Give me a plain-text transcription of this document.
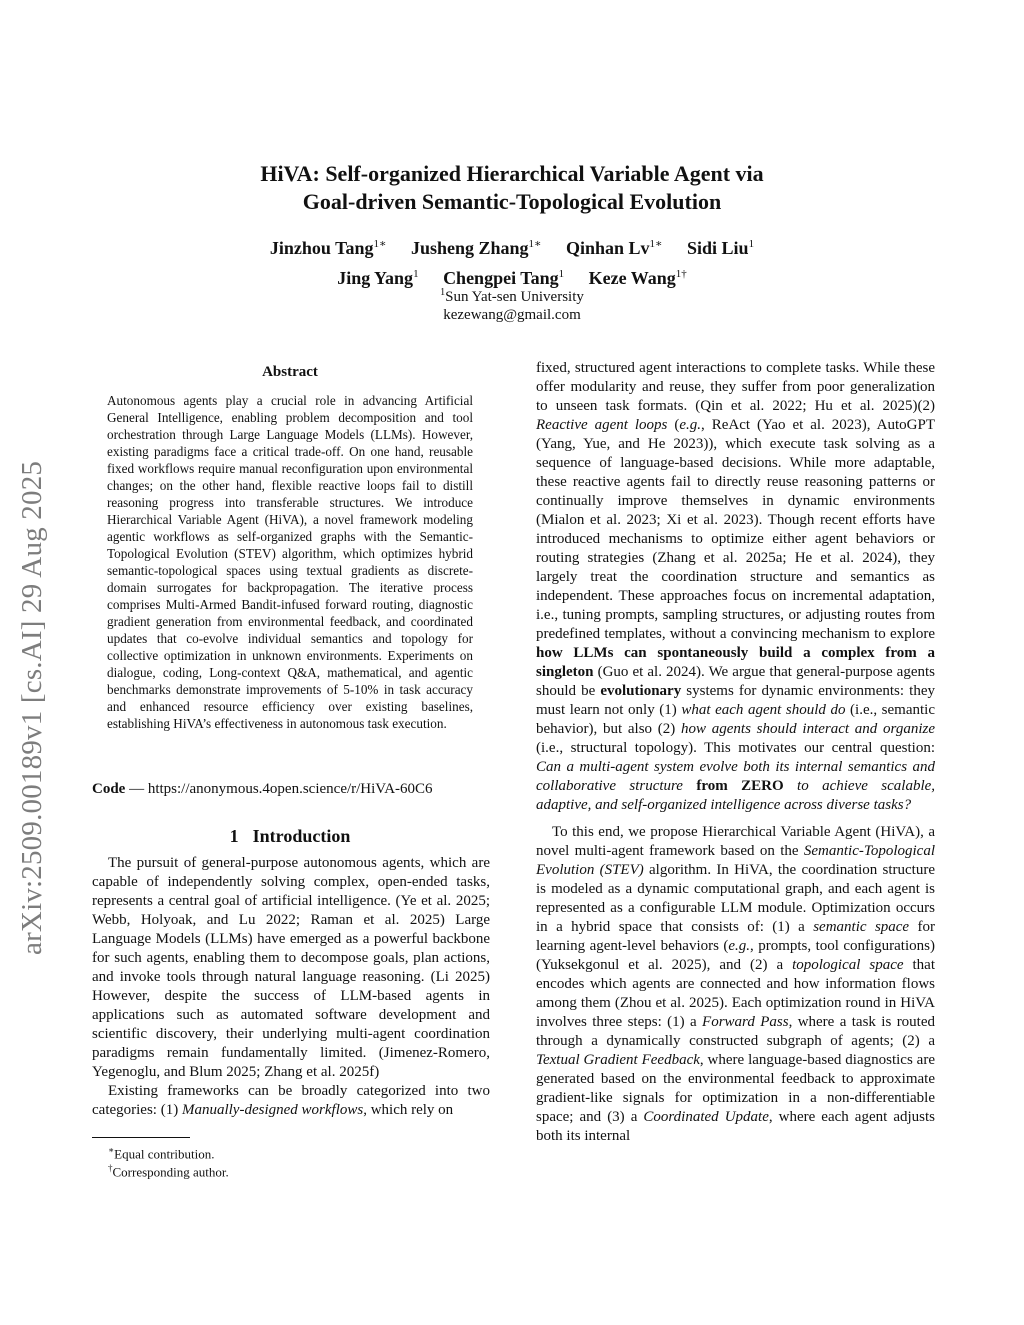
arXiv:2509.00189v1 [cs.AI] 29 Aug 2025
HiVA: Self-organized Hierarchical Variable Agent via
Goal-driven Semantic-Topological Evolution
Jinzhou Tang$^{1∗}$ Jusheng Zhang$^{1∗}$ Qinhan $Lv^{1∗}$ Sidi Liu$^1$
Jing Yang$^1$ Chengpei Tang$^1$ Keze Wang$^{1\dagger}$
$^1$Sun Yat-sen University
kezewang@gmail.com
Abstract
Autonomous agents play a crucial role in advancing Artificial General Intelligence, enabling problem decomposition and tool orchestration through Large Language Models (LLMs). However, existing paradigms face a critical trade-off. On one hand, reusable fixed workflows require manual reconfiguration upon environmental changes; on the other hand, flexible reactive loops fail to distill reasoning progress into transferable structures. We introduce Hierarchical Variable Agent (HiVA), a novel framework modeling agentic workflows as self-organized graphs with the Semantic-Topological Evolution (STEV) algorithm, which optimizes hybrid semantic-topological spaces using textual gradients as discrete-domain surrogates for backpropagation. The iterative process comprises Multi-Armed Bandit-infused forward routing, diagnostic gradient generation from environmental feedback, and coordinated updates that co-evolve individual semantics and topology for collective optimization in unknown environments. Experiments on dialogue, coding, Long-context Q&A, mathematical, and agentic benchmarks demonstrate improvements of 5-10% in task accuracy and enhanced resource efficiency over existing baselines, establishing HiVA’s effectiveness in autonomous task execution.
Code — https://anonymous.4open.science/r/HiVA-60C6
1 Introduction

The pursuit of general-purpose autonomous agents, which are capable of independently solving complex, open-ended tasks, represents a central goal of artificial intelligence. (Ye et al. 2025; Webb, Holyoak, and Lu 2022; Raman et al. 2025) Large Language Models (LLMs) have emerged as a powerful backbone for such agents, enabling them to decompose goals, plan actions, and invoke tools through natural language reasoning. (Li 2025) However, despite the success of LLM-based agents in applications such as automated software development and scientific discovery, their underlying multi-agent coordination paradigms remain fundamentally limited. (Jimenez-Romero, Yegenoglu, and Blum 2025; Zhang et al. 2025f)

Existing frameworks can be broadly categorized into two categories: (1) Manually-designed workflows, which rely on

∗Equal contribution.
†Corresponding author.

fixed, structured agent interactions to complete tasks. While these offer modularity and reuse, they suffer from poor generalization to unseen task formats. (Qin et al. 2022; Hu et al. 2025)(2) Reactive agent loops (e.g., ReAct (Yao et al. 2023), AutoGPT (Yang, Yue, and He 2023)), which execute task solving as a sequence of language-based decisions. While more adaptable, these reactive agents fail to directly reuse reasoning patterns or continually improve themselves in dynamic environments (Mialon et al. 2023; Xi et al. 2023). Though recent efforts have introduced mechanisms to optimize either agent behaviors or routing strategies (Zhang et al. 2025a; He et al. 2024), they largely treat the coordination structure and semantics as independent. These approaches focus on incremental adaptation, i.e., tuning prompts, sampling structures, or adjusting routes from predefined templates, without a convincing mechanism to explore how LLMs can spontaneously build a complex from a singleton (Guo et al. 2024). We argue that general-purpose agents should be evolutionary systems for dynamic environments: they must learn not only (1) what each agent should do (i.e., semantic behavior), but also (2) how agents should interact and organize (i.e., structural topology). This motivates our central question: Can a multi-agent system evolve both its internal semantics and collaborative structure from ZERO to achieve scalable, adaptive, and self-organized intelligence across diverse tasks?

To this end, we propose Hierarchical Variable Agent (HiVA), a novel multi-agent framework based on the Semantic-Topological Evolution (STEV) algorithm. In HiVA, the coordination structure is modeled as a dynamic computational graph, and each agent is represented as a configurable LLM module. Optimization occurs in a hybrid space that consists of: (1) a semantic space for learning agent-level behaviors (e.g., prompts, tool configurations) (Yuksekgonul et al. 2025), and (2) a topological space that encodes which agents are connected and how information flows among them (Zhou et al. 2025). Each optimization round in HiVA involves three steps: (1) a Forward Pass, where a task is routed through a dynamically constructed subgraph of agents; (2) a Textual Gradient Feedback, where language-based diagnostics are generated based on the environmental feedback to approximate gradient-like signals for optimization in a non-differentiable space; and (3) a Coordinated Update, where each agent adjusts both its internal
